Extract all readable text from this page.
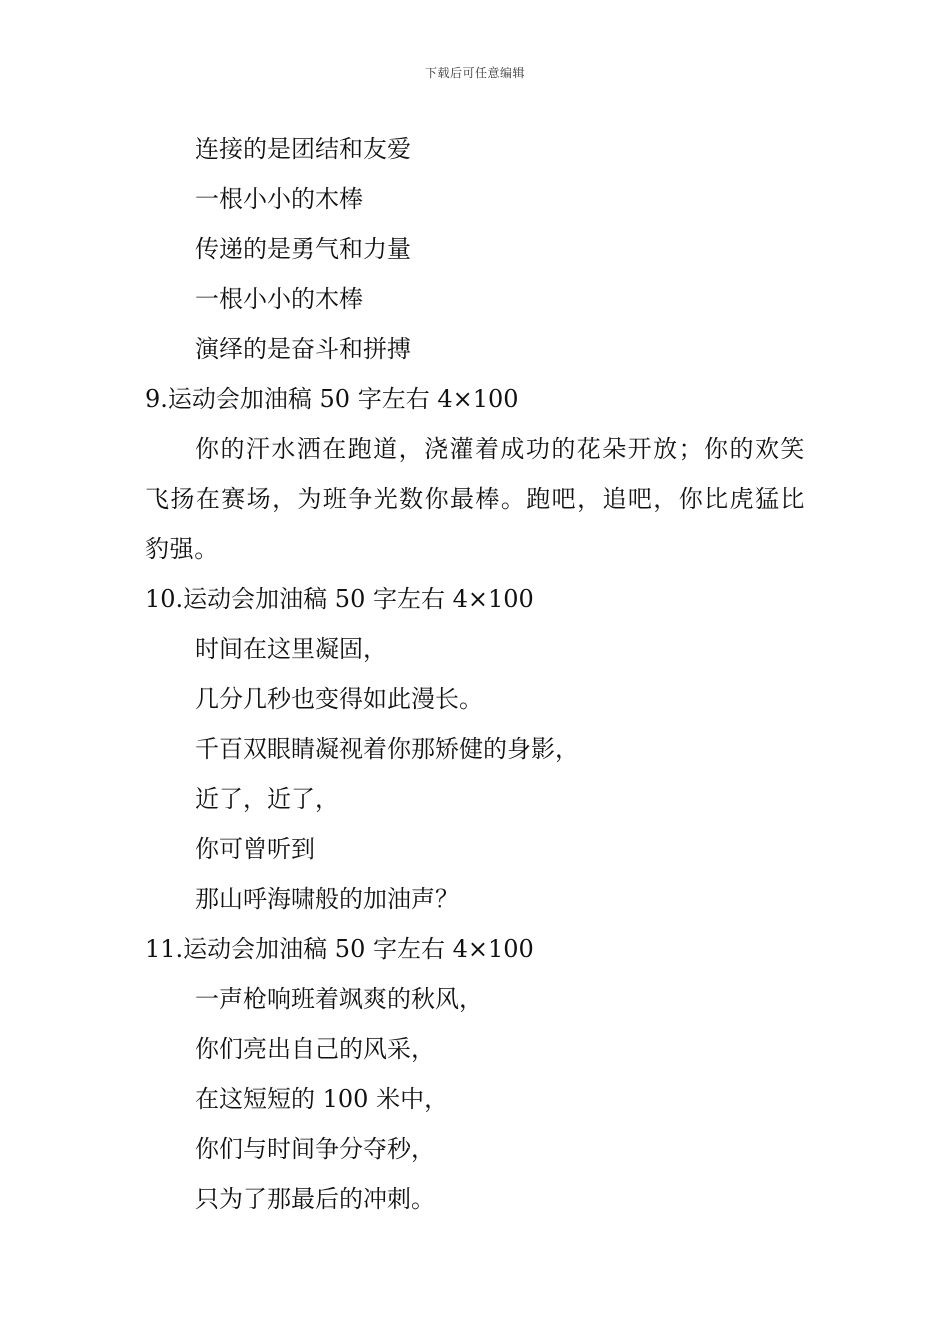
下载后可任意编辑
连接的是团结和友爱
一根小小的木棒
传递的是勇气和力量
一根小小的木棒
演绎的是奋斗和拼搏
9.运动会加油稿 50 字左右 4×100
你的汗水洒在跑道，浇灌着成功的花朵开放；你的欢笑飞扬在赛场，为班争光数你最棒。跑吧，追吧，你比虎猛比豹强。
10.运动会加油稿 50 字左右 4×100
时间在这里凝固，
几分几秒也变得如此漫长。
千百双眼睛凝视着你那矫健的身影，
近了，近了，
你可曾听到
那山呼海啸般的加油声？
11.运动会加油稿 50 字左右 4×100
一声枪响班着飒爽的秋风，
你们亮出自己的风采，
在这短短的 100 米中，
你们与时间争分夺秒，
只为了那最后的冲刺。
